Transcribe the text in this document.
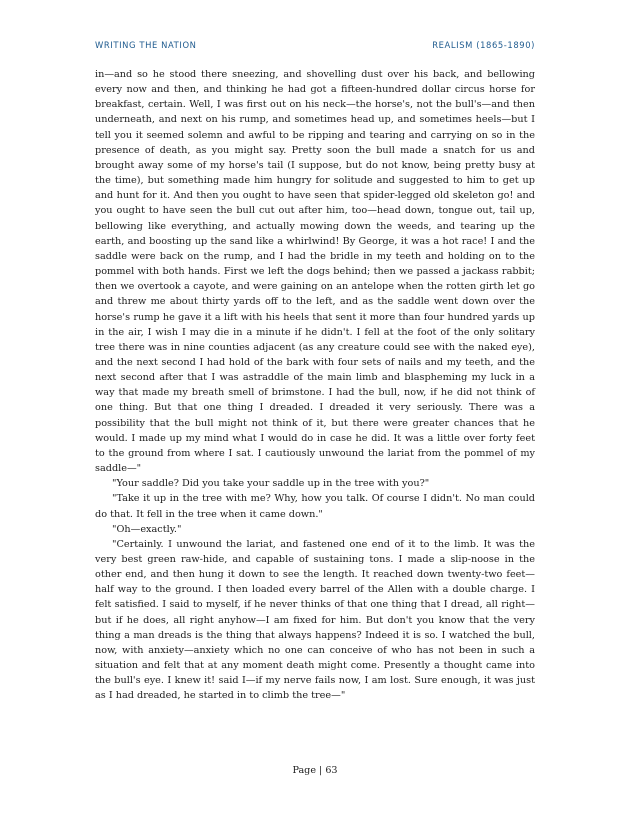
WRITING THE NATION	REALISM (1865-1890)

in—and so he stood there sneezing, and shovelling dust over his back, and bellowing every now and then, and thinking he had got a fifteen-hundred dollar circus horse for breakfast, certain. Well, I was first out on his neck—the horse's, not the bull's—and then underneath, and next on his rump, and sometimes head up, and sometimes heels—but I tell you it seemed solemn and awful to be ripping and tearing and carrying on so in the presence of death, as you might say. Pretty soon the bull made a snatch for us and brought away some of my horse's tail (I suppose, but do not know, being pretty busy at the time), but something made him hungry for solitude and suggested to him to get up and hunt for it. And then you ought to have seen that spider-legged old skeleton go! and you ought to have seen the bull cut out after him, too—head down, tongue out, tail up, bellowing like everything, and actually mowing down the weeds, and tearing up the earth, and boosting up the sand like a whirlwind! By George, it was a hot race! I and the saddle were back on the rump, and I had the bridle in my teeth and holding on to the pommel with both hands. First we left the dogs behind; then we passed a jackass rabbit; then we overtook a cayote, and were gaining on an antelope when the rotten girth let go and threw me about thirty yards off to the left, and as the saddle went down over the horse's rump he gave it a lift with his heels that sent it more than four hundred yards up in the air, I wish I may die in a minute if he didn't. I fell at the foot of the only solitary tree there was in nine counties adjacent (as any creature could see with the naked eye), and the next second I had hold of the bark with four sets of nails and my teeth, and the next second after that I was astraddle of the main limb and blaspheming my luck in a way that made my breath smell of brimstone. I had the bull, now, if he did not think of one thing. But that one thing I dreaded. I dreaded it very seriously. There was a possibility that the bull might not think of it, but there were greater chances that he would. I made up my mind what I would do in case he did. It was a little over forty feet to the ground from where I sat. I cautiously unwound the lariat from the pommel of my saddle—"

"Your saddle? Did you take your saddle up in the tree with you?"

"Take it up in the tree with me? Why, how you talk. Of course I didn't. No man could do that. It fell in the tree when it came down."

"Oh—exactly."

"Certainly. I unwound the lariat, and fastened one end of it to the limb. It was the very best green raw-hide, and capable of sustaining tons. I made a slip-noose in the other end, and then hung it down to see the length. It reached down twenty-two feet—half way to the ground. I then loaded every barrel of the Allen with a double charge. I felt satisfied. I said to myself, if he never thinks of that one thing that I dread, all right—but if he does, all right anyhow—I am fixed for him. But don't you know that the very thing a man dreads is the thing that always happens? Indeed it is so. I watched the bull, now, with anxiety—anxiety which no one can conceive of who has not been in such a situation and felt that at any moment death might come. Presently a thought came into the bull's eye. I knew it! said I—if my nerve fails now, I am lost. Sure enough, it was just as I had dreaded, he started in to climb the tree—"

Page | 63
